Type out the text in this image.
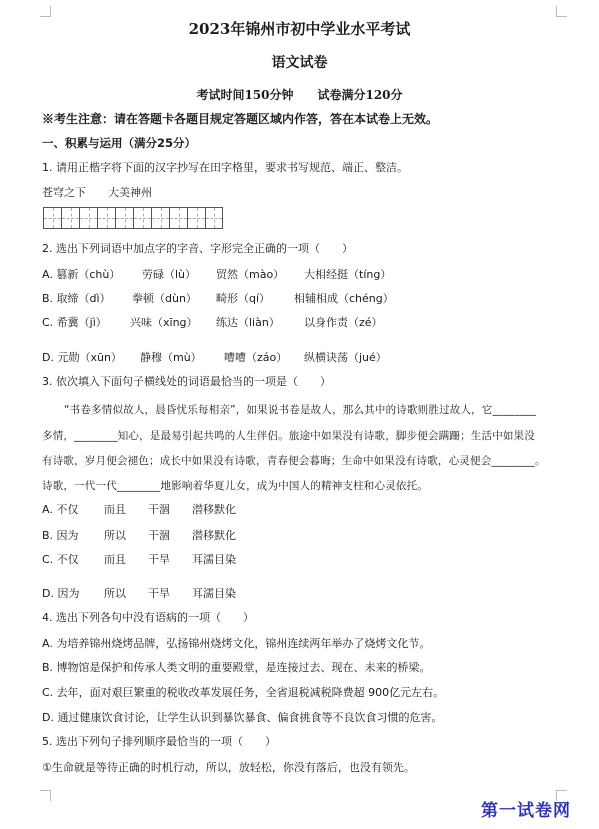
2023年锦州市初中学业水平考试
语文试卷
考试时间150分钟　　试卷满分120分
※考生注意：请在答题卡各题目规定答题区域内作答，答在本试卷上无效。
一、积累与运用（满分25分）
1. 请用正楷字将下面的汉字抄写在田字格里，要求书写规范、端正、整洁。
苍穹之下　　大美神州
2. 选出下列词语中加点字的字音、字形完全正确的一项（　　）
A. 篡新（chù） 劳碌（lù） 贸然（mào） 大相经挺（tíng）
B. 取缔（dì） 拳顿（dùn） 畸形（qí） 相辅相成（chéng）
C. 希冀（jì） 兴味（xīng） 练达（liàn） 以身作责（zé）
D. 元勋（xūn） 静穆（mù） 嘈嘈（záo） 纵横诀荡（jué）
3. 依次填入下面句子横线处的词语最恰当的一项是（　　）
“书卷多情似故人，晨昏忧乐每相亲”，如果说书卷是故人，那么其中的诗歌则胜过故人，它________
多情，________知心，是最易引起共鸣的人生伴侣。旅途中如果没有诗歌，脚步便会蹒跚；生活中如果没
有诗歌，岁月便会褪色；成长中如果没有诗歌，青春便会暮晦；生命中如果没有诗歌，心灵便会________。
诗歌，一代一代________地影响着华夏儿女，成为中国人的精神支柱和心灵依托。
A. 不仅 而且 干涸 潜移默化
B. 因为 所以 干涸 潜移默化
C. 不仅 而且 干旱 耳濡目染
D. 因为 所以 干旱 耳濡目染
4. 选出下列各句中没有语病的一项（　　）
A. 为培养锦州烧烤品牌，弘扬锦州烧烤文化，锦州连续两年举办了烧烤文化节。
B. 博物馆是保护和传承人类文明的重要殿堂，是连接过去、现在、未来的桥梁。
C. 去年，面对艰巨繁重的税收改革发展任务，全省退税减税降费超 900亿元左右。
D. 通过健康饮食讨论，让学生认识到暴饮暴食、偏食挑食等不良饮食习惯的危害。
5. 选出下列句子排列顺序最恰当的一项（　　）
①生命就是等待正确的时机行动，所以，放轻松，你没有落后，也没有领先。
第一试卷网
